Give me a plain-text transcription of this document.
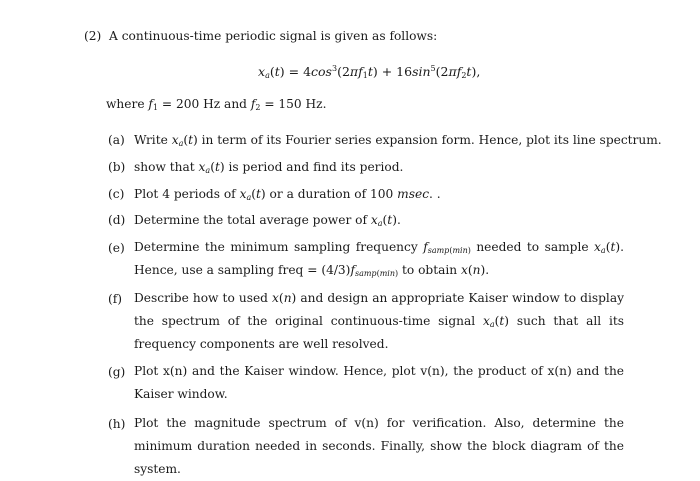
(2)  A continuous-time periodic signal is given as follows:
$x_a(t) = 4\cos^3(2\pi f_1t) + 16\sin^5(2\pi f_2t)$,
where $f_1 = 200$ Hz and $f_2 = 150$ Hz.
(a) Write $x_a(t)$ in term of its Fourier series expansion form. Hence, plot its line spectrum.
(b) show that $x_a(t)$ is period and find its period.
(c) Plot 4 periods of $x_a(t)$ or a duration of 100 msec. .
(d) Determine the total average power of $x_a(t)$.
(e) Determine the minimum sampling frequency $f_{samp(min)}$ needed to sample $x_a(t)$. Hence, use a sampling freq = $(4/3)f_{samp(min)}$ to obtain x(n).
(f) Describe how to used x(n) and design an appropriate Kaiser window to display the spectrum of the original continuous-time signal $x_a(t)$ such that all its frequency components are well resolved.
(g) Plot x(n) and the Kaiser window. Hence, plot v(n), the product of x(n) and the Kaiser window.
(h) Plot the magnitude spectrum of v(n) for verification. Also, determine the minimum duration needed in seconds. Finally, show the block diagram of the system.
